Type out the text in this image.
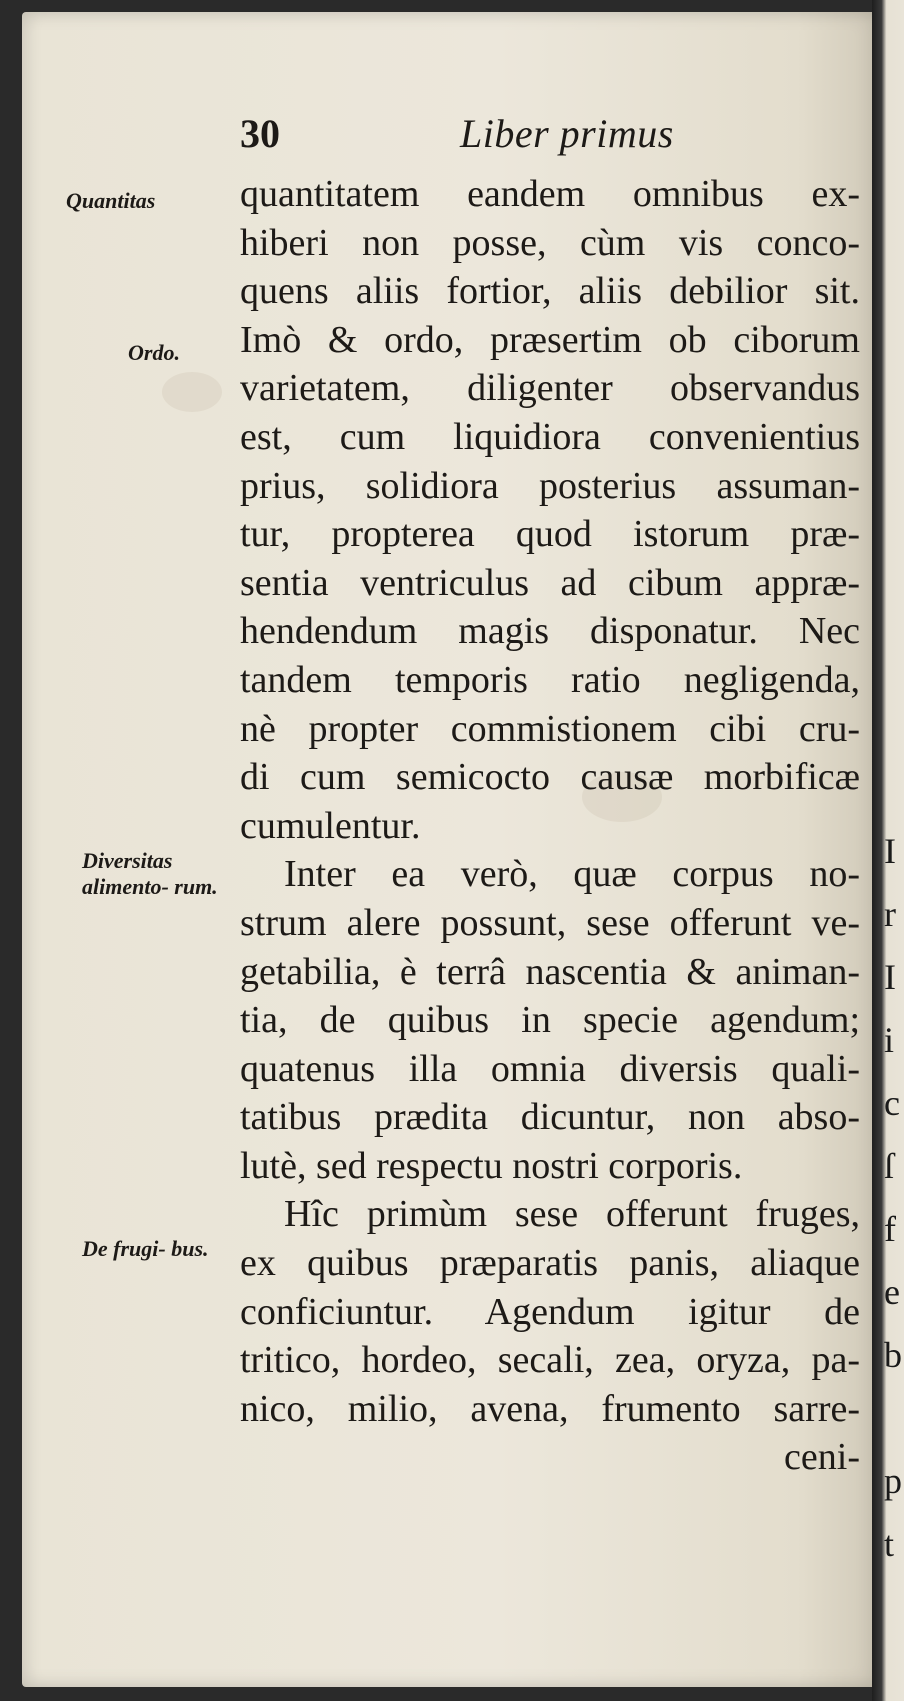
I
r
I
i
c
ſ
f
e
b

p
t
30	Liber primus
Quantitas
Ordo.
Diversitas alimento- rum.
De frugi- bus.
quantitatem eandem omnibus ex-
hiberi non posse, cùm vis conco-
quens aliis fortior, aliis debilior sit.
Imò & ordo, præsertim ob ciborum
varietatem, diligenter observandus
est, cum liquidiora convenientius
prius, solidiora posterius assuman-
tur, propterea quod istorum præ-
sentia ventriculus ad cibum appræ-
hendendum magis disponatur. Nec
tandem temporis ratio negligenda,
nè propter commistionem cibi cru-
di cum semicocto causæ morbificæ
cumulentur.
Inter ea verò, quæ corpus no-
strum alere possunt, sese offerunt ve-
getabilia, è terrâ nascentia & animan-
tia, de quibus in specie agendum;
quatenus illa omnia diversis quali-
tatibus prædita dicuntur, non abso-
lutè, sed respectu nostri corporis.
Hîc primùm sese offerunt fruges,
ex quibus præparatis panis, aliaque
conficiuntur. Agendum igitur de
tritico, hordeo, secali, zea, oryza, pa-
nico, milio, avena, frumento sarre-
ceni-
